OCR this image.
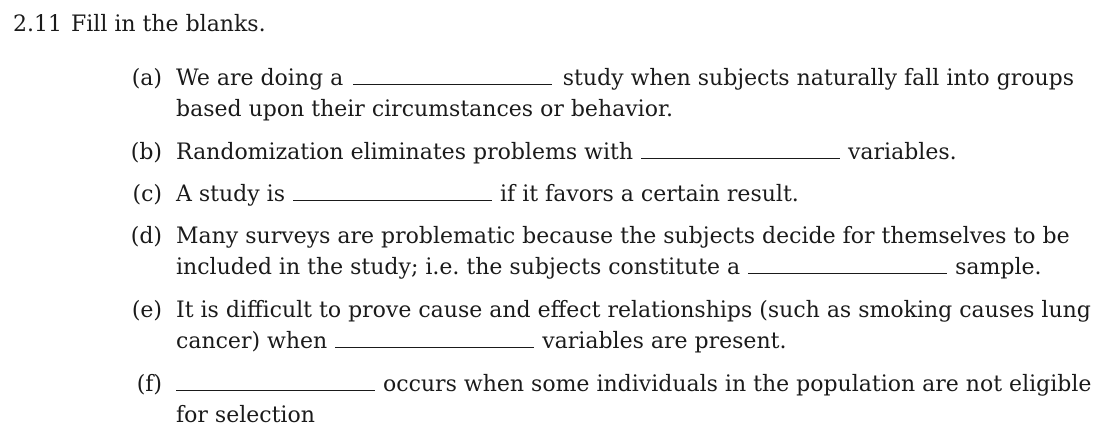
2.11 Fill in the blanks.
(a) We are doing a	study when subjects naturally fall into groups
based upon their circumstances or behavior.
(b) Randomization eliminates problems with	variables.
(c) A study is	if it favors a certain result.
(d) Many surveys are problematic because the subjects decide for themselves to be
included in the study; i.e. the subjects constitute a	sample.
(e) It is difficult to prove cause and effect relationships (such as smoking causes lung
cancer) when	variables are present.
(f)	occurs when some individuals in the population are not eligible
for selection
